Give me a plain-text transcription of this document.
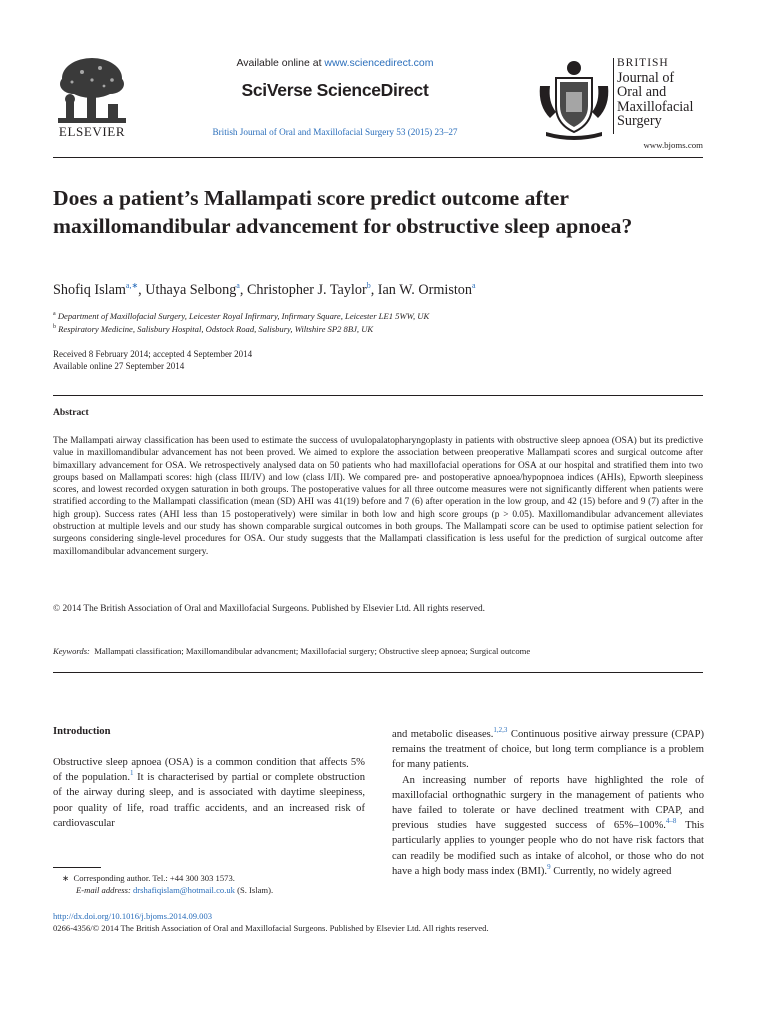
ELSEVIER
Available online at www.sciencedirect.com
SciVerse ScienceDirect
British Journal of Oral and Maxillofacial Surgery 53 (2015) 23–27
BRITISH
Journal of
Oral and
Maxillofacial
Surgery
www.bjoms.com
Does a patient’s Mallampati score predict outcome after maxillomandibular advancement for obstructive sleep apnoea?
Shofiq Islam$^{a,∗}$, Uthaya Selbong$^a$, Christopher J. Taylor$^b$, Ian W. Ormiston$^a$
$^a$ Department of Maxillofacial Surgery, Leicester Royal Infirmary, Infirmary Square, Leicester LE1 5WW, UK
$^b$ Respiratory Medicine, Salisbury Hospital, Odstock Road, Salisbury, Wiltshire SP2 8BJ, UK
Received 8 February 2014; accepted 4 September 2014
Available online 27 September 2014
Abstract
The Mallampati airway classification has been used to estimate the success of uvulopalatopharyngoplasty in patients with obstructive sleep apnoea (OSA) but its predictive value in maxillomandibular advancement has not been proved. We aimed to explore the association between preoperative Mallampati scores and surgical outcome after bimaxillary advancement for OSA. We retrospectively analysed data on 50 patients who had maxillofacial operations for OSA at our hospital and stratified them into two groups based on Mallampati scores: high (class III/IV) and low (class I/II). We compared pre- and postoperative apnoea/hypopnoea indices (AHIs), Epworth sleepiness scores, and lowest recorded oxygen saturation in both groups. The postoperative values for all three outcome measures were not significantly different when patients were stratified according to the Mallampati classification (mean (SD) AHI was 41(19) before and 7 (6) after operation in the low group, and 42 (15) before and 9 (7) after in the high group). Success rates (AHI less than 15 postoperatively) were similar in both low and high score groups (p > 0.05). Maxillomandibular advancement alleviates obstruction at multiple levels and our study has shown comparable surgical outcomes in both groups. The Mallampati score can be used to optimise patient selection for surgeons considering single-level procedures for OSA. Our study suggests that the Mallampati classification is less useful for the prediction of surgical outcome after maxillomandibular advancement surgery.
© 2014 The British Association of Oral and Maxillofacial Surgeons. Published by Elsevier Ltd. All rights reserved.
Keywords: Mallampati classification; Maxillomandibular advancment; Maxillofacial surgery; Obstructive sleep apnoea; Surgical outcome
Introduction

Obstructive sleep apnoea (OSA) is a common condition that affects 5% of the population.$^1$ It is characterised by partial or complete obstruction of the airway during sleep, and is associated with daytime sleepiness, poor quality of life, road traffic accidents, and an increased risk of cardiovascular

∗ Corresponding author. Tel.: +44 300 303 1573.
E-mail address: drshafiqislam@hotmail.co.uk (S. Islam).

and metabolic diseases.$^{1,2,3}$ Continuous positive airway pressure (CPAP) remains the treatment of choice, but long term compliance is a problem for many patients.

An increasing number of reports have highlighted the role of maxillofacial orthognathic surgery in the management of patients who have failed to tolerate or have declined treatment with CPAP, and previous studies have suggested success of 65%–100%.$^{4-8}$ This particularly applies to younger people who do not have risk factors that can readily be modified such as intake of alcohol, or those who do not have a high body mass index (BMI).$^9$ Currently, no widely agreed

http://dx.doi.org/10.1016/j.bjoms.2014.09.003
0266-4356/© 2014 The British Association of Oral and Maxillofacial Surgeons. Published by Elsevier Ltd. All rights reserved.
